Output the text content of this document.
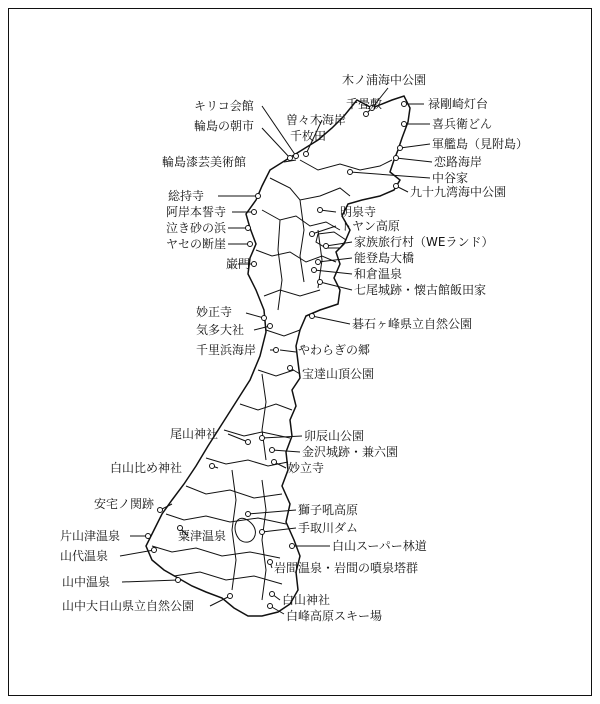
木ノ浦海中公園
千畳敷	禄剛崎灯台
キリコ会館
曽々木海岸
千枚田
輪島の朝市	喜兵衛どん
軍艦島（見附島）
恋路海岸
中谷家
九十九湾海中公園
輪島漆芸美術館
総持寺
阿岸本誓寺
泣き砂の浜
ヤセの断崖
巌門
明泉寺
トヤン高原
家族旅行村（WEランド）
能登島大橋
和倉温泉
七尾城跡・懐古館飯田家
妙正寺
気多大社
千里浜海岸	やわらぎの郷
碁石ヶ峰県立自然公園
宝達山頂公園
尾山神社	卯辰山公園
金沢城跡・兼六園
白山比め神社	妙立寺
安宅ノ関跡	獅子吼高原
片山津温泉	粟津温泉
手取川ダム
山代温泉
白山スーパー林道
山中温泉
岩間温泉・岩間の噴泉塔群
山中大日山県立自然公園	白山神社
白峰高原スキー場
